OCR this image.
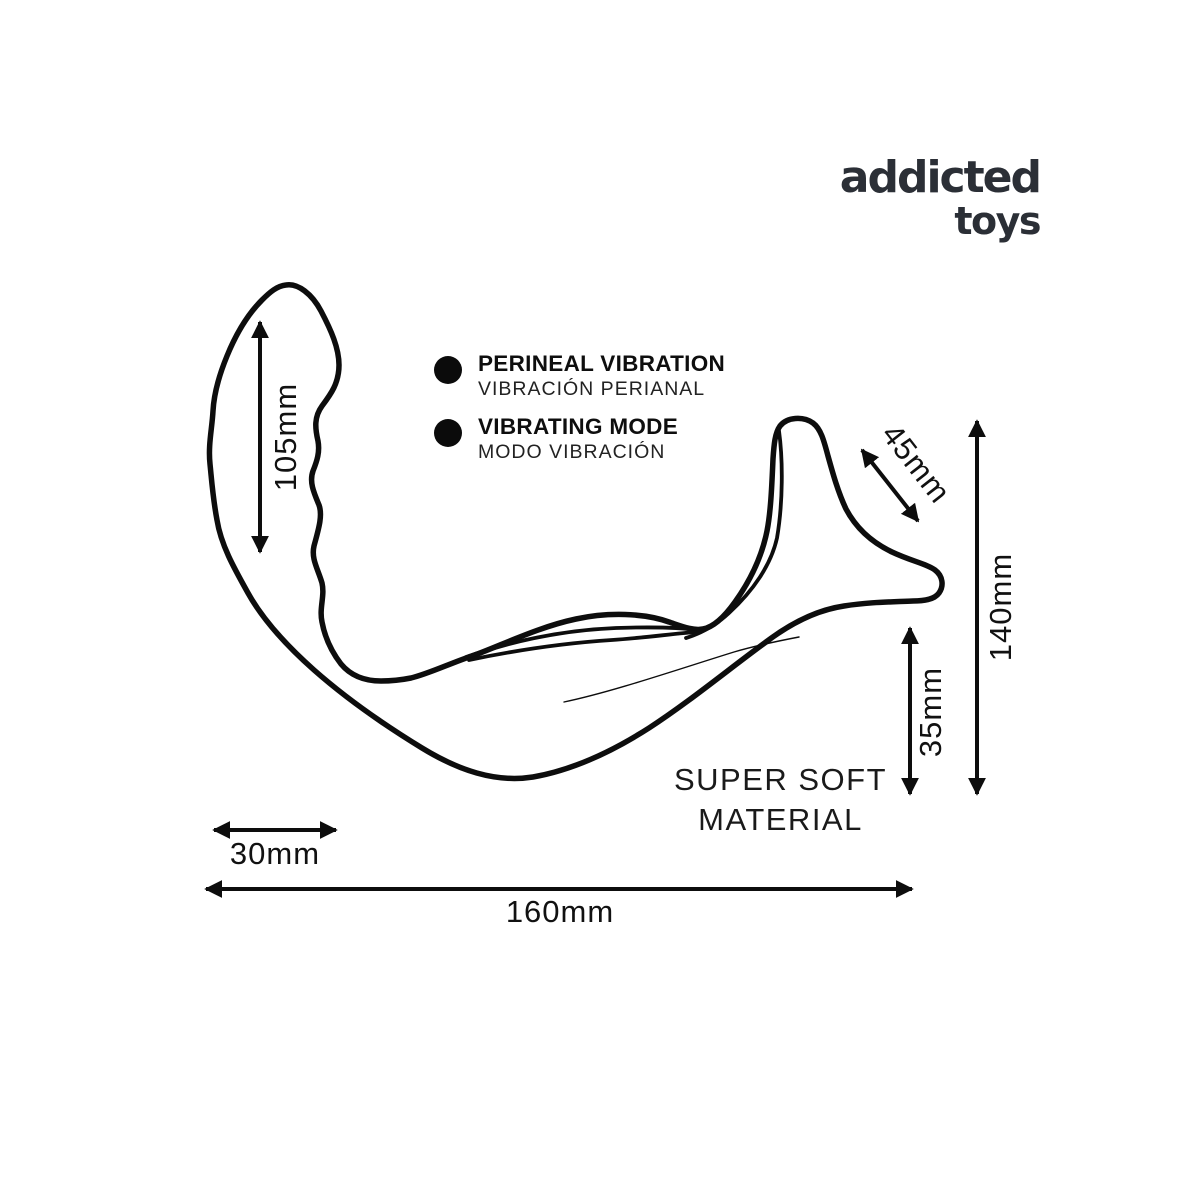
addicted
toys
PERINEAL VIBRATION
VIBRACIÓN PERIANAL
VIBRATING MODE
MODO VIBRACIÓN
SUPER SOFT
MATERIAL
105mm	45mm
140mm
35mm
30mm
160mm
